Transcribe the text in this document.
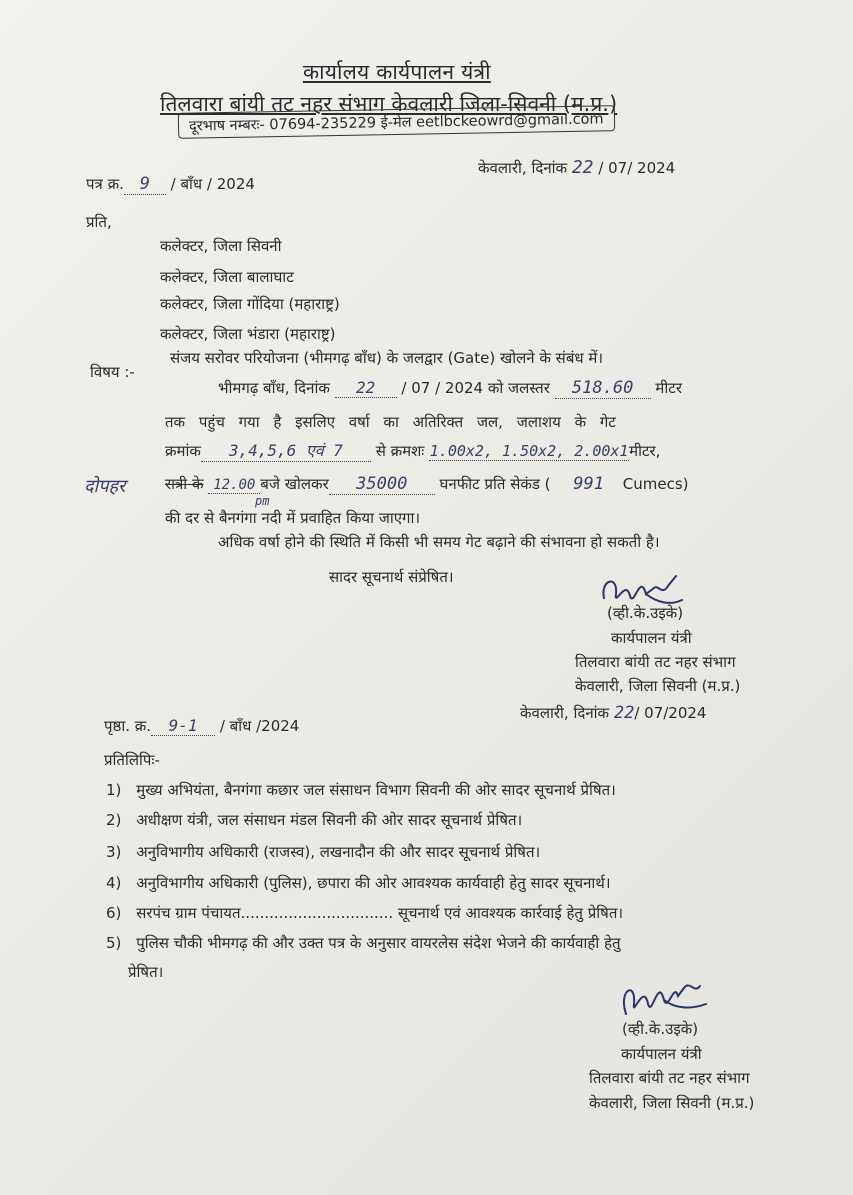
कार्यालय कार्यपालन यंत्री
तिलवारा बांयी तट नहर संभाग केवलारी जिला-सिवनी (म.प्र.)
दूरभाष नम्बरः- 07694-235229 ई-मेल eetlbckeowrd@gmail.com
केवलारी, दिनांक 22 / 07/ 2024
पत्र क्र. 9 / बाँध / 2024
प्रति,
कलेक्टर, जिला सिवनी
कलेक्टर, जिला बालाघाट
कलेक्टर, जिला गोंदिया (महाराष्ट्र)
कलेक्टर, जिला भंडारा (महाराष्ट्र)
विषय :-
संजय सरोवर परियोजना (भीमगढ़ बाँध) के जलद्वार (Gate) खोलने के संबंध में।
भीमगढ़ बाँध, दिनांक 22 / 07 / 2024 को जलस्तर 518.60 मीटर
तक पहुंच गया है इसलिए वर्षा का अतिरिक्त जल, जलाशय के गेट
क्रमांक 3,4,5,6 एवं 7 से क्रमशः 1.00x2, 1.50x2, 2.00x1मीटर,
दोपहर
pm
रात्री के 12.00 बजे खोलकर 35000 घनफीट प्रति सेकंड ( 991 Cumecs)
की दर से बैनगंगा नदी में प्रवाहित किया जाएगा।
अधिक वर्षा होने की स्थिति में किसी भी समय गेट बढ़ाने की संभावना हो सकती है।
सादर सूचनार्थ संप्रेषित।
(व्ही.के.उइके)
कार्यपालन यंत्री
तिलवारा बांयी तट नहर संभाग
केवलारी, जिला सिवनी (म.प्र.)
केवलारी, दिनांक 22/ 07/2024
पृष्ठा. क्र. 9-1 / बाँध /2024
प्रतिलिपिः-
1) मुख्य अभियंता, बैनगंगा कछार जल संसाधन विभाग सिवनी की ओर सादर सूचनार्थ प्रेषित।
2) अधीक्षण यंत्री, जल संसाधन मंडल सिवनी की ओर सादर सूचनार्थ प्रेषित।
3) अनुविभागीय अधिकारी (राजस्व), लखनादौन की और सादर सूचनार्थ प्रेषित।
4) अनुविभागीय अधिकारी (पुलिस), छपारा की ओर आवश्यक कार्यवाही हेतु सादर सूचनार्थ।
6) सरपंच ग्राम पंचायत................................ सूचनार्थ एवं आवश्यक कार्रवाई हेतु प्रेषित।
5) पुलिस चौकी भीमगढ़ की और उक्त पत्र के अनुसार वायरलेस संदेश भेजने की कार्यवाही हेतु
प्रेषित।
(व्ही.के.उइके)
कार्यपालन यंत्री
तिलवारा बांयी तट नहर संभाग
केवलारी, जिला सिवनी (म.प्र.)
